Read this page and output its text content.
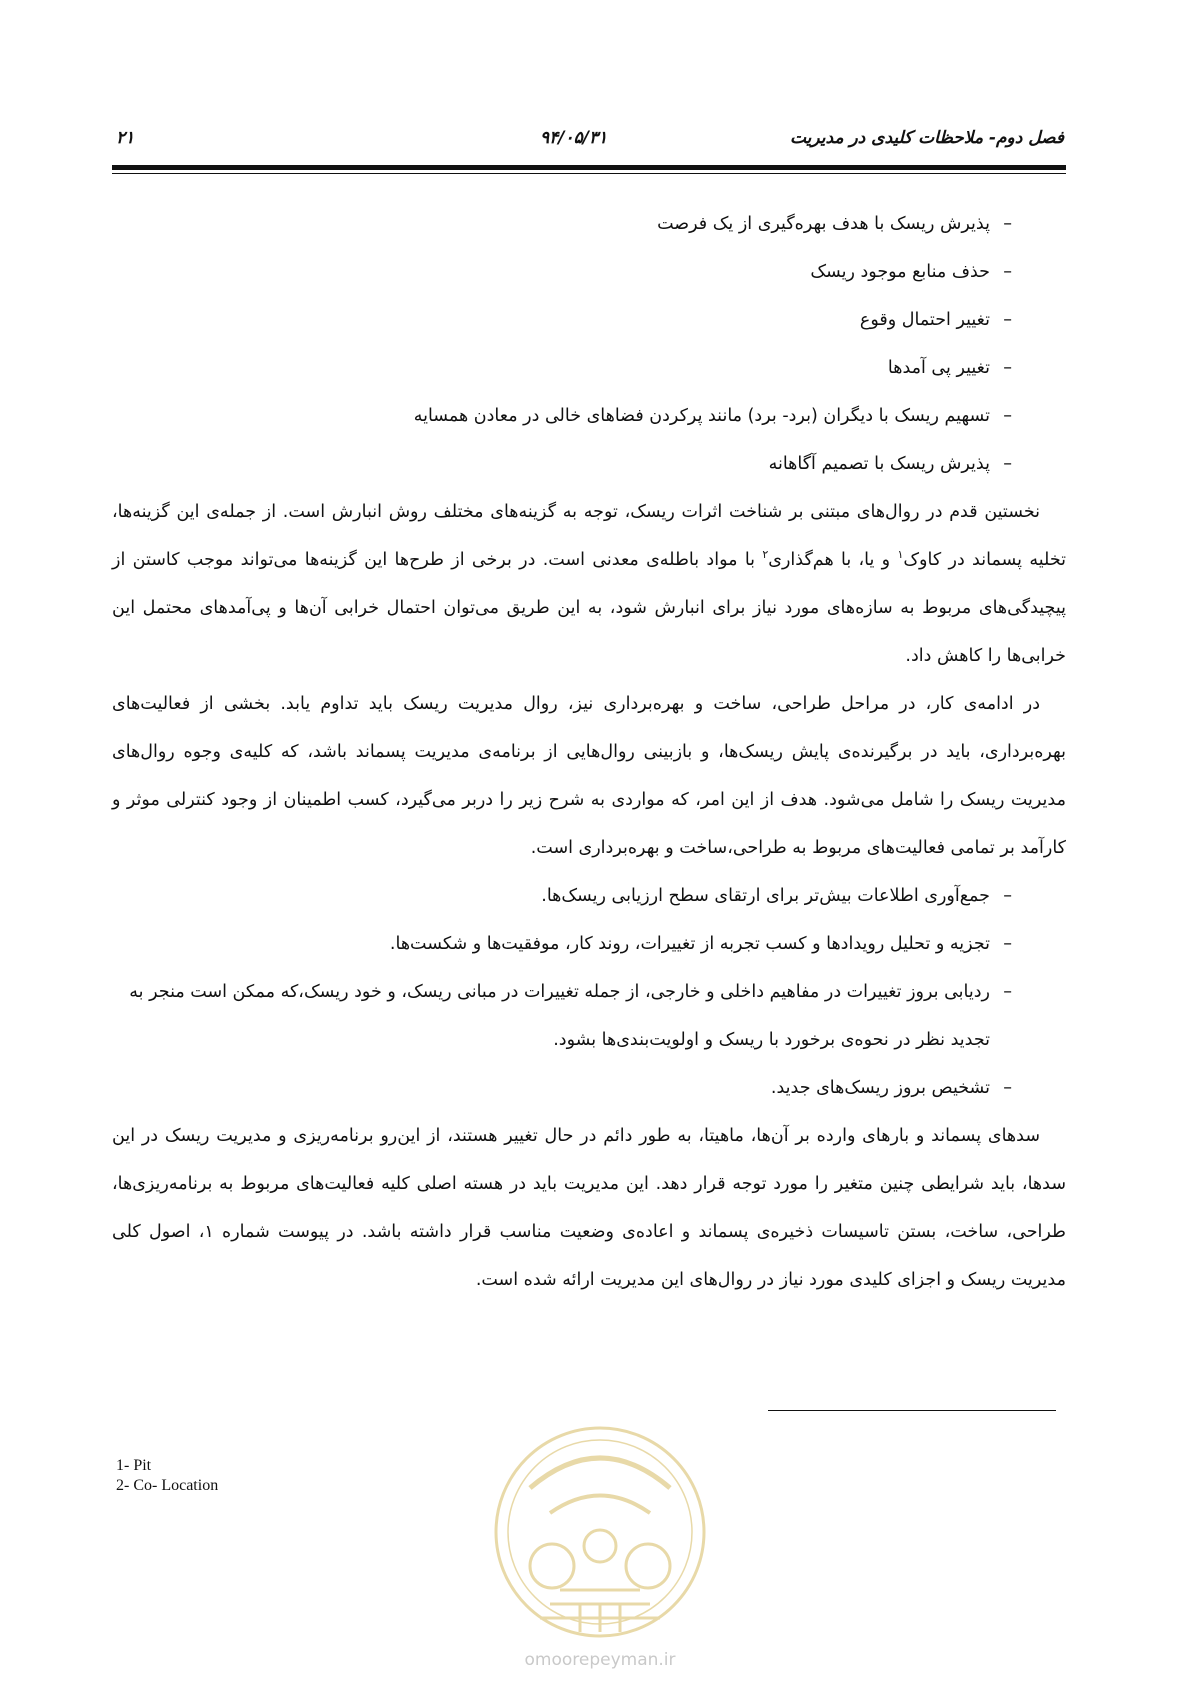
فصل دوم- ملاحظات کلیدی در مدیریت
۹۴/۰۵/۳۱
۲۱
–
پذیرش ریسک با هدف بهره‌گیری از یک فرصت
–
حذف منابع موجود ریسک
–
تغییر احتمال وقوع
–
تغییر پی آمدها
–
تسهیم ریسک با دیگران (برد- برد) مانند پرکردن فضاهای خالی در معادن همسایه
–
پذیرش ریسک با تصمیم آگاهانه

نخستین قدم در روال‌های مبتنی بر شناخت اثرات ریسک، توجه به گزینه‌های مختلف روش انبارش است. از جمله‌ی این گزینه‌ها، تخلیه پسماند در کاوک$^۱$ و یا، با هم‌گذاری$^۲$ با مواد باطله‌ی معدنی است. در برخی از طرح‌ها این گزینه‌ها می‌تواند موجب کاستن از پیچیدگی‌های مربوط به سازه‌های مورد نیاز برای انبارش شود، به این طریق می‌توان احتمال خرابی آن‌ها و پی‌آمدهای محتمل این خرابی‌ها را کاهش داد.

در ادامه‌ی کار، در مراحل طراحی، ساخت و بهره‌برداری نیز، روال مدیریت ریسک باید تداوم یابد. بخشی از فعالیت‌های بهره‌برداری، باید در برگیرنده‌ی پایش ریسک‌ها، و بازبینی روال‌هایی از برنامه‌ی مدیریت پسماند باشد، که کلیه‌ی وجوه روال‌های مدیریت ریسک را شامل می‌شود. هدف از این امر، که مواردی به شرح زیر را دربر می‌گیرد، کسب اطمینان از وجود کنترلی موثر و کارآمد بر تمامی فعالیت‌های مربوط به طراحی،ساخت و بهره‌برداری است.

–
جمع‌آوری اطلاعات بیش‌تر برای ارتقای سطح ارزیابی ریسک‌ها.
–
تجزیه و تحلیل رویدادها و کسب تجربه از تغییرات، روند کار، موفقیت‌ها و شکست‌ها.
–
ردیابی بروز تغییرات در مفاهیم داخلی و خارجی، از جمله تغییرات در مبانی ریسک، و خود ریسک،که ممکن است منجر به تجدید نظر در نحوه‌ی برخورد با ریسک و اولویت‌بندی‌ها بشود.
–
تشخیص بروز ریسک‌های جدید.

سدهای پسماند و بارهای وارده بر آن‌ها، ماهیتا، به طور دائم در حال تغییر هستند، از این‌رو برنامه‌ریزی و مدیریت ریسک در این سدها، باید شرایطی چنین متغیر را مورد توجه قرار دهد. این مدیریت باید در هسته اصلی کلیه فعالیت‌های مربوط به برنامه‌ریزی‌ها، طراحی، ساخت، بستن تاسیسات ذخیره‌ی پسماند و اعاده‌ی وضعیت مناسب قرار داشته باشد. در پیوست شماره ۱، اصول کلی مدیریت ریسک و اجزای کلیدی مورد نیاز در روال‌های این مدیریت ارائه شده است.

omoorepeyman.ir
1- Pit
2- Co- Location
